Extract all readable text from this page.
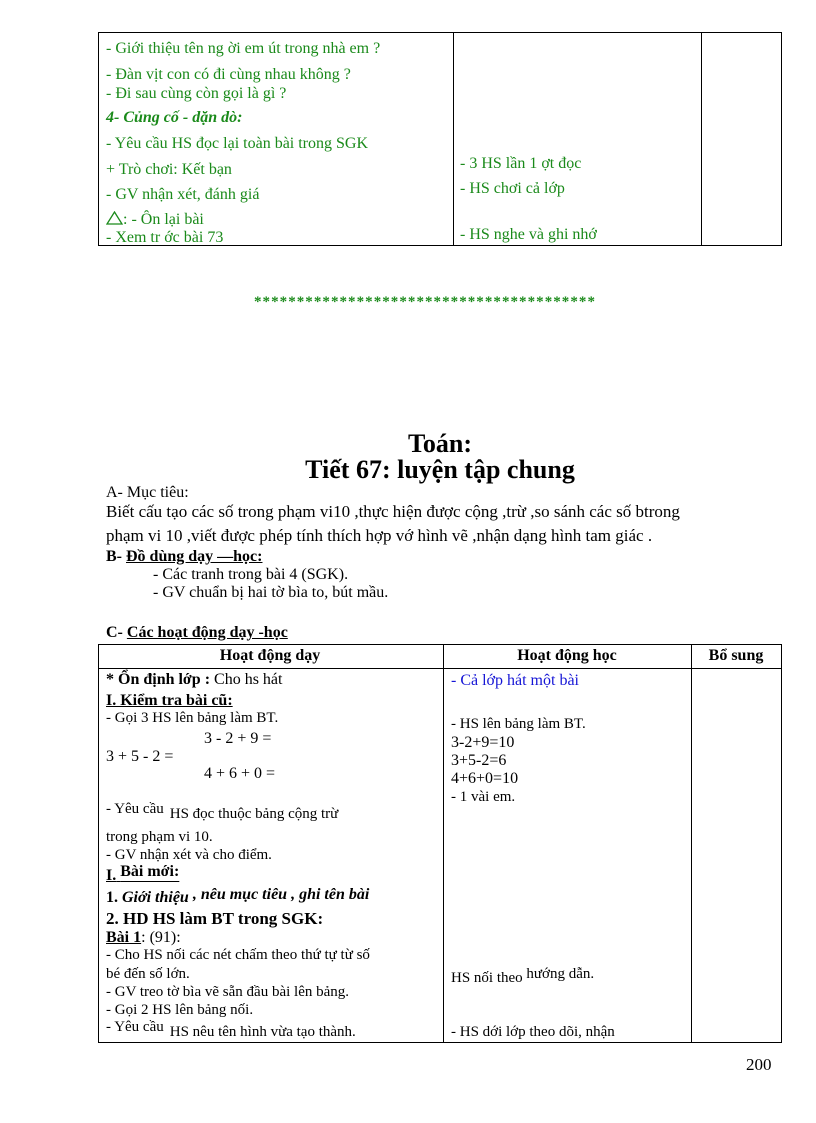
- Giới thiệu tên ng ời em út trong nhà em ?
- Đàn vịt con có đi cùng nhau không ?
- Đi sau cùng còn gọi là gì ?
4- Củng cố - dặn dò:
- Yêu cầu HS đọc lại toàn bài trong SGK
+ Trò chơi: Kết bạn
- GV nhận xét, đánh giá
: - Ôn lại bài
- Xem tr ớc bài 73
- 3 HS lần 1 ợt đọc
- HS chơi cả lớp
- HS nghe và ghi nhớ
****************************************
Toán:
Tiết 67: luyện tập chung
A- Mục tiêu:
Biết cấu tạo các số trong phạm vi10 ,thực hiện được cộng ,trừ ,so sánh các số btrong
phạm vi 10 ,viết được phép tính thích hợp vớ hình vẽ ,nhận dạng hình tam giác .
B- Đồ dùng dạy —học:
- Các tranh trong bài 4 (SGK).
- GV chuẩn bị hai tờ bìa to, bút mầu.
C- Các hoạt động dạy -học
Hoạt động dạy	Hoạt động học	Bổ sung
* Ổn định lớp : Cho hs hát
I. Kiểm tra bài cũ:
- Gọi 3 HS lên bảng làm BT.
3 - 2 + 9 =
3 + 5 - 2 =
4 + 6 + 0 =
- Yêu cầu HS đọc thuộc bảng cộng trừ
trong phạm vi 10.
- GV nhận xét và cho điểm.
I. Bài mới:
1. Giới thiệu , nêu mục tiêu , ghi tên bài
2. HD HS làm BT trong SGK:
Bài 1: (91):
- Cho HS nối các nét chấm theo thứ tự từ số
bé đến số lớn.
- GV treo tờ bìa vẽ sẵn đầu bài lên bảng.
- Gọi 2 HS lên bảng nối.
- Yêu cầu HS nêu tên hình vừa tạo thành.
- Cả lớp hát một bài
- HS lên bảng làm BT.
3-2+9=10
3+5-2=6
4+6+0=10
- 1 vài em.
HS nối theo hướng dẫn.
- HS dới lớp theo dõi, nhận
200
